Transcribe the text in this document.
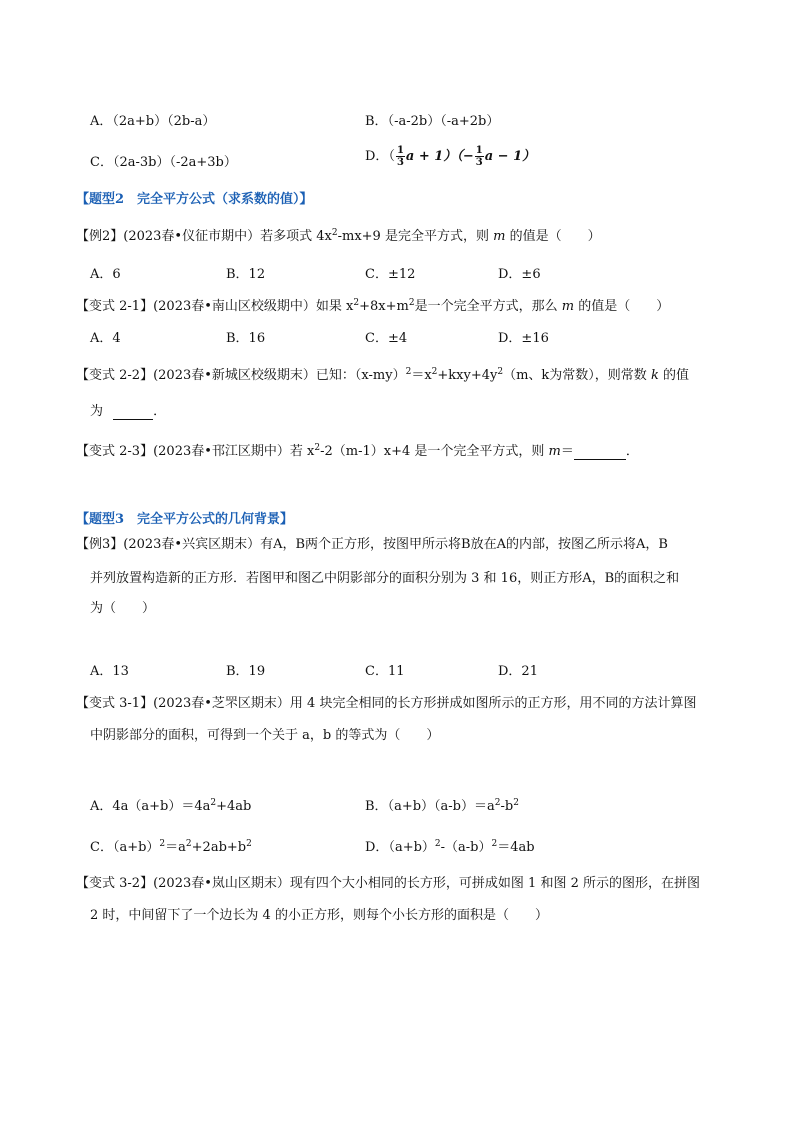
A．（2a+b）（2b-a）	B．（-a-2b）（-a+2b）
C．（2a-3b）（-2a+3b）	D．（ $\frac{1}{3}$ $a + 1)(- \frac{1}{3}$ a − 1）
【题型2　完全平方公式（求系数的值）】
【例2】(2023春•仪征市期中）若多项式 $4x^2-mx+9$ 是完全平方式，则 m 的值是（　　）
A．6	B．12	C．±12	D．±6
【变式 2-1】(2023春•南山区校级期中）如果 $x^2+8x+m^2$是一个完全平方式，那么 m 的值是（　　）
A．4	B．16	C．±4	D．±16
【变式 2-2】(2023春•新城区校级期末）已知：$(x-my)^2=x^2+kxy+4y^2(m$、k为常数），则常数 k 的值
为	．
【变式 2-3】(2023春•邗江区期中）若 $x^2-2(m-1)x+4$ 是一个完全平方式，则 m＝	．
【题型3　完全平方公式的几何背景】
【例3】(2023春•兴宾区期末）有A，B两个正方形，按图甲所示将B放在A的内部，按图乙所示将A，B
并列放置构造新的正方形．若图甲和图乙中阴影部分的面积分别为 3 和 16，则正方形A，B的面积之和
为（　　）
A．13	B．19	C．11	D．21
【变式 3-1】(2023春•芝罘区期末）用 4 块完全相同的长方形拼成如图所示的正方形，用不同的方法计算图
中阴影部分的面积，可得到一个关于 a，b 的等式为（　　）
A．$4a(a+b)=4a^2+4ab$	B．$(a+b)(a-b)=a^2-b^2$
C．$(a+b)^2=a^2+2ab+b^2$	D．$(a+b)^2-(a-b)^2=4ab$
【变式 3-2】(2023春•岚山区期末）现有四个大小相同的长方形，可拼成如图 1 和图 2 所示的图形，在拼图
2 时，中间留下了一个边长为 4 的小正方形，则每个小长方形的面积是（　　）
